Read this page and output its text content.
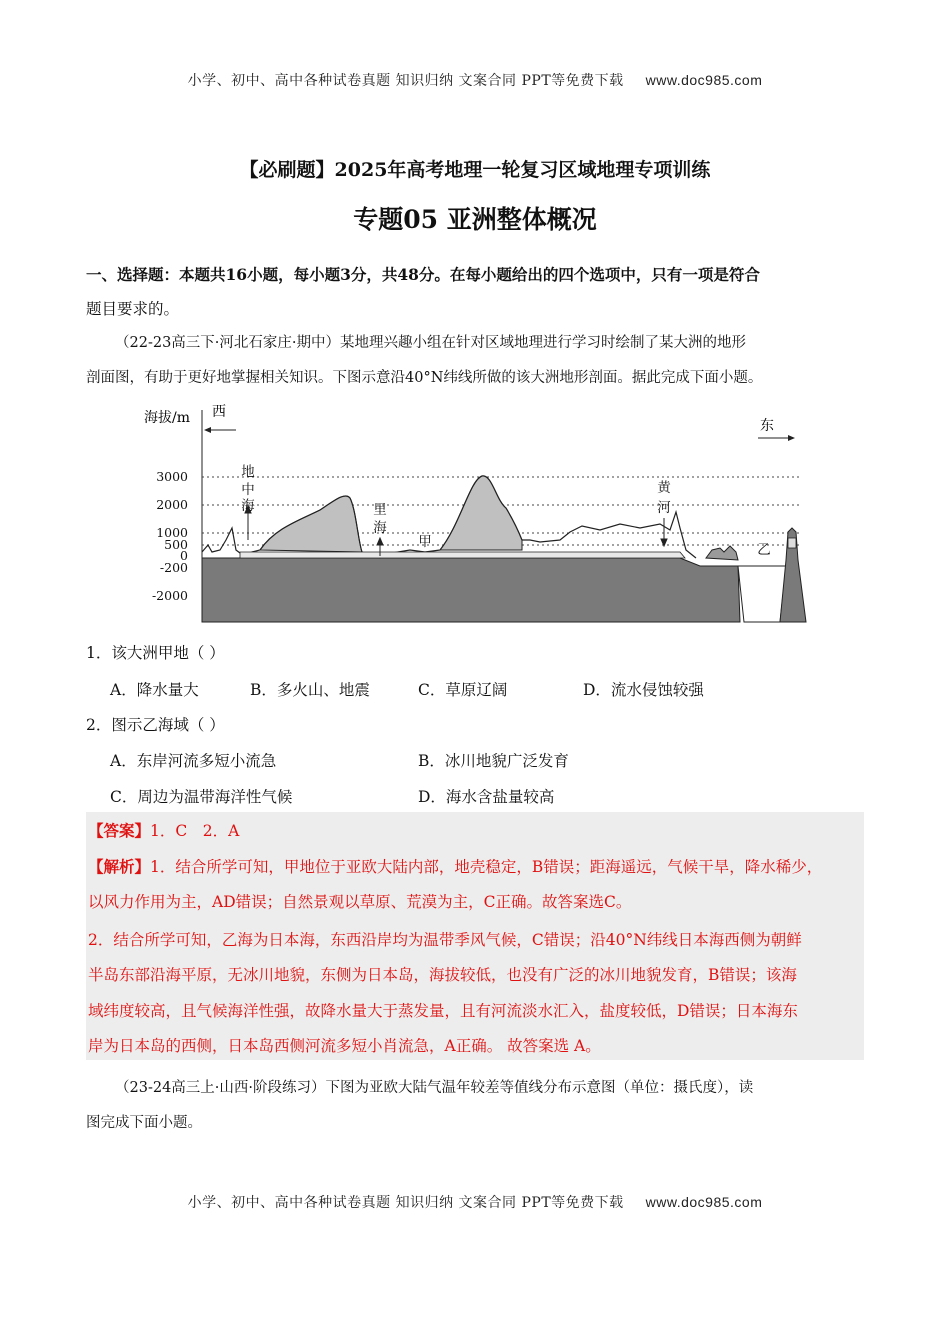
小学、初中、高中各种试卷真题 知识归纳 文案合同 PPT等免费下载 www.doc985.com
【必刷题】2025年高考地理一轮复习区域地理专项训练
专题05 亚洲整体概况
一、选择题：本题共16小题，每小题3分，共48分。在每小题给出的四个选项中，只有一项是符合
题目要求的。
（22-23高三下·河北石家庄·期中）某地理兴趣小组在针对区域地理进行学习时绘制了某大洲的地形
剖面图，有助于更好地掌握相关知识。下图示意沿40°N纬线所做的该大洲地形剖面。据此完成下面小题。
海拔/m 西
东
3000
2000
1000
500
0
-200
-2000
地
中
海	里
海
甲
黄
河
乙
1．该大洲甲地（ ）
A．降水量大	B．多火山、地震	C．草原辽阔	D．流水侵蚀较强
2．图示乙海域（ ）
A．东岸河流多短小流急	B．冰川地貌广泛发育
C．周边为温带海洋性气候	D．海水含盐量较高
【答案】1．C　2．A
【解析】1．结合所学可知，甲地位于亚欧大陆内部，地壳稳定，B错误；距海遥远，气候干旱，降水稀少，
以风力作用为主，AD错误；自然景观以草原、荒漠为主，C正确。故答案选C。
2．结合所学可知，乙海为日本海，东西沿岸均为温带季风气候，C错误；沿40°N纬线日本海西侧为朝鲜
半岛东部沿海平原，无冰川地貌，东侧为日本岛，海拔较低，也没有广泛的冰川地貌发育，B错误；该海
域纬度较高，且气候海洋性强，故降水量大于蒸发量，且有河流淡水汇入，盐度较低，D错误；日本海东
岸为日本岛的西侧，日本岛西侧河流多短小肖流急，A正确。 故答案选 A。
（23-24高三上·山西·阶段练习）下图为亚欧大陆气温年较差等值线分布示意图（单位：摄氏度），读
图完成下面小题。
小学、初中、高中各种试卷真题 知识归纳 文案合同 PPT等免费下载 www.doc985.com
